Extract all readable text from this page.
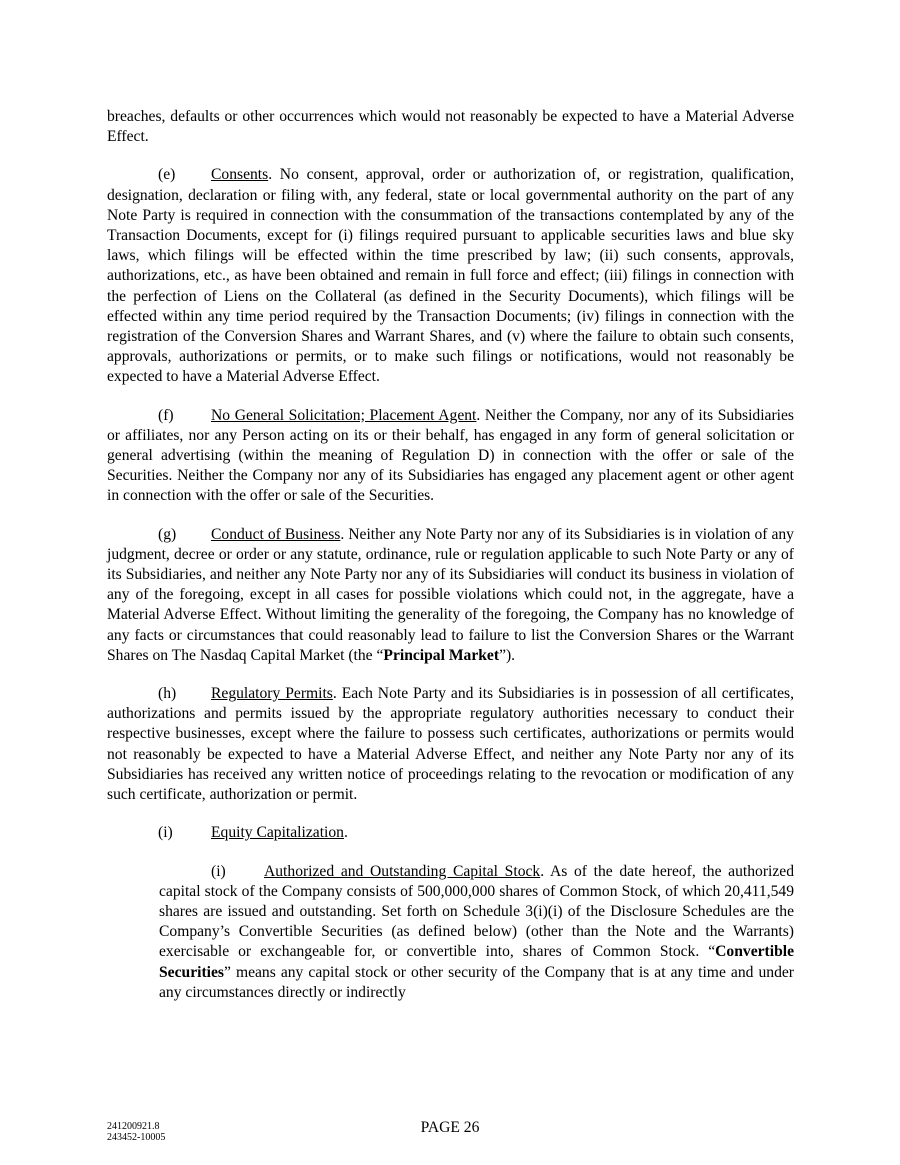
breaches, defaults or other occurrences which would not reasonably be expected to have a Material Adverse Effect.

(e) Consents. No consent, approval, order or authorization of, or registration, qualification, designation, declaration or filing with, any federal, state or local governmental authority on the part of any Note Party is required in connection with the consummation of the transactions contemplated by any of the Transaction Documents, except for (i) filings required pursuant to applicable securities laws and blue sky laws, which filings will be effected within the time prescribed by law; (ii) such consents, approvals, authorizations, etc., as have been obtained and remain in full force and effect; (iii) filings in connection with the perfection of Liens on the Collateral (as defined in the Security Documents), which filings will be effected within any time period required by the Transaction Documents; (iv) filings in connection with the registration of the Conversion Shares and Warrant Shares, and (v) where the failure to obtain such consents, approvals, authorizations or permits, or to make such filings or notifications, would not reasonably be expected to have a Material Adverse Effect.

(f) No General Solicitation; Placement Agent. Neither the Company, nor any of its Subsidiaries or affiliates, nor any Person acting on its or their behalf, has engaged in any form of general solicitation or general advertising (within the meaning of Regulation D) in connection with the offer or sale of the Securities. Neither the Company nor any of its Subsidiaries has engaged any placement agent or other agent in connection with the offer or sale of the Securities.

(g) Conduct of Business. Neither any Note Party nor any of its Subsidiaries is in violation of any judgment, decree or order or any statute, ordinance, rule or regulation applicable to such Note Party or any of its Subsidiaries, and neither any Note Party nor any of its Subsidiaries will conduct its business in violation of any of the foregoing, except in all cases for possible violations which could not, in the aggregate, have a Material Adverse Effect. Without limiting the generality of the foregoing, the Company has no knowledge of any facts or circumstances that could reasonably lead to failure to list the Conversion Shares or the Warrant Shares on The Nasdaq Capital Market (the “Principal Market”).

(h) Regulatory Permits. Each Note Party and its Subsidiaries is in possession of all certificates, authorizations and permits issued by the appropriate regulatory authorities necessary to conduct their respective businesses, except where the failure to possess such certificates, authorizations or permits would not reasonably be expected to have a Material Adverse Effect, and neither any Note Party nor any of its Subsidiaries has received any written notice of proceedings relating to the revocation or modification of any such certificate, authorization or permit.

(i) Equity Capitalization.

(i) Authorized and Outstanding Capital Stock. As of the date hereof, the authorized capital stock of the Company consists of 500,000,000 shares of Common Stock, of which 20,411,549 shares are issued and outstanding. Set forth on Schedule 3(i)(i) of the Disclosure Schedules are the Company’s Convertible Securities (as defined below) (other than the Note and the Warrants) exercisable or exchangeable for, or convertible into, shares of Common Stock. “Convertible Securities” means any capital stock or other security of the Company that is at any time and under any circumstances directly or indirectly

241200921.8
243452-10005
PAGE 26
